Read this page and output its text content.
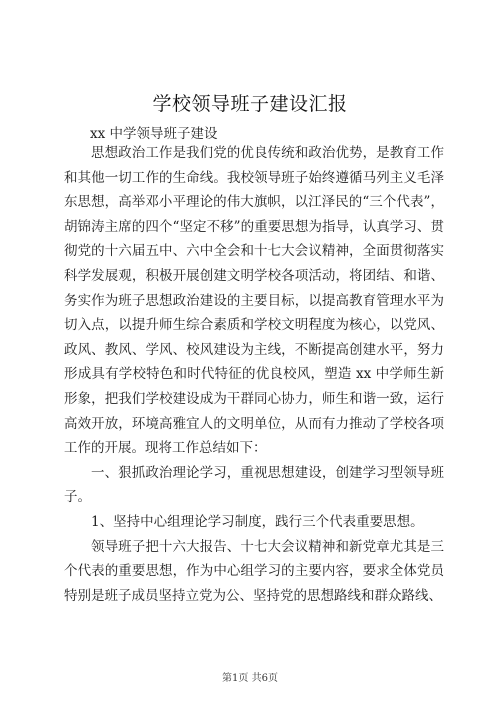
学校领导班子建设汇报
xx 中学领导班子建设

思想政治工作是我们党的优良传统和政治优势，是教育工作和其他一切工作的生命线。我校领导班子始终遵循马列主义毛泽东思想，高举邓小平理论的伟大旗帜，以江泽民的“三个代表”，胡锦涛主席的四个“坚定不移”的重要思想为指导，认真学习、贯彻党的十六届五中、六中全会和十七大会议精神，全面贯彻落实科学发展观，积极开展创建文明学校各项活动，将团结、和谐、务实作为班子思想政治建设的主要目标，以提高教育管理水平为切入点，以提升师生综合素质和学校文明程度为核心，以党风、政风、教风、学风、校风建设为主线，不断提高创建水平，努力形成具有学校特色和时代特征的优良校风，塑造 xx 中学师生新形象，把我们学校建设成为干群同心协力，师生和谐一致，运行高效开放，环境高雅宜人的文明单位，从而有力推动了学校各项工作的开展。现将工作总结如下：

一、狠抓政治理论学习，重视思想建设，创建学习型领导班子。

1、坚持中心组理论学习制度，践行三个代表重要思想。

领导班子把十六大报告、十七大会议精神和新党章尤其是三个代表的重要思想，作为中心组学习的主要内容，要求全体党员特别是班子成员坚持立党为公、坚持党的思想路线和群众路线、

第1页 共6页
